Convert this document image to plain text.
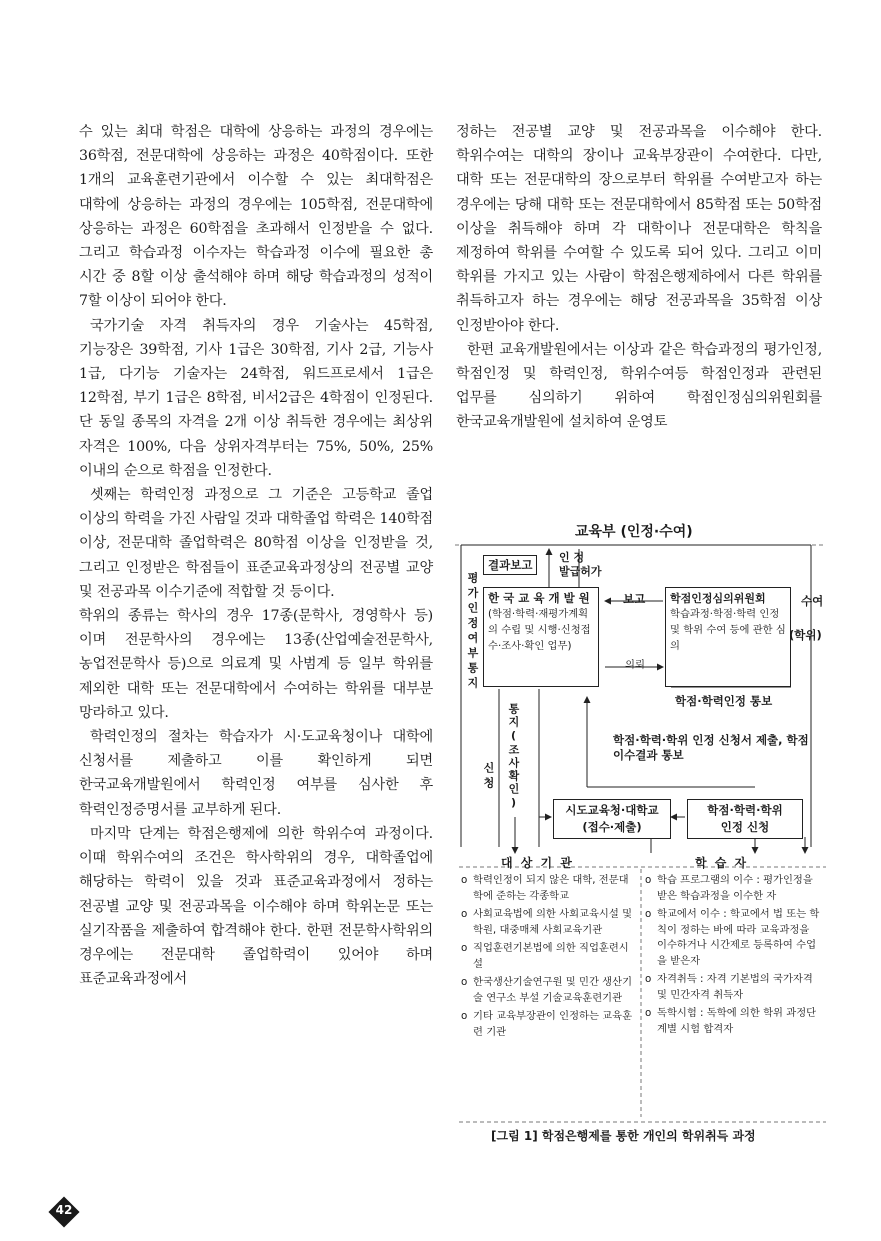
수 있는 최대 학점은 대학에 상응하는 과정의 경우에는 36학점, 전문대학에 상응하는 과정은 40학점이다. 또한 1개의 교육훈련기관에서 이수할 수 있는 최대학점은 대학에 상응하는 과정의 경우에는 105학점, 전문대학에 상응하는 과정은 60학점을 초과해서 인정받을 수 없다. 그리고 학습과정 이수자는 학습과정 이수에 필요한 총 시간 중 8할 이상 출석해야 하며 해당 학습과정의 성적이 7할 이상이 되어야 한다.

국가기술 자격 취득자의 경우 기술사는 45학점, 기능장은 39학점, 기사 1급은 30학점, 기사 2급, 기능사 1급, 다기능 기술자는 24학점, 워드프로세서 1급은 12학점, 부기 1급은 8학점, 비서2급은 4학점이 인정된다. 단 동일 종목의 자격을 2개 이상 취득한 경우에는 최상위 자격은 100%, 다음 상위자격부터는 75%, 50%, 25% 이내의 순으로 학점을 인정한다.

셋째는 학력인정 과정으로 그 기준은 고등학교 졸업 이상의 학력을 가진 사람일 것과 대학졸업 학력은 140학점 이상, 전문대학 졸업학력은 80학점 이상을 인정받을 것, 그리고 인정받은 학점들이 표준교육과정상의 전공별 교양 및 전공과목 이수기준에 적합할 것 등이다.

학위의 종류는 학사의 경우 17종(문학사, 경영학사 등)이며 전문학사의 경우에는 13종(산업예술전문학사, 농업전문학사 등)으로 의료계 및 사범계 등 일부 학위를 제외한 대학 또는 전문대학에서 수여하는 학위를 대부분 망라하고 있다.

학력인정의 절차는 학습자가 시·도교육청이나 대학에 신청서를 제출하고 이를 확인하게 되면 한국교육개발원에서 학력인정 여부를 심사한 후 학력인정증명서를 교부하게 된다.

마지막 단계는 학점은행제에 의한 학위수여 과정이다. 이때 학위수여의 조건은 학사학위의 경우, 대학졸업에 해당하는 학력이 있을 것과 표준교육과정에서 정하는 전공별 교양 및 전공과목을 이수해야 하며 학위논문 또는 실기작품을 제출하여 합격해야 한다. 한편 전문학사학위의 경우에는 전문대학 졸업학력이 있어야 하며 표준교육과정에서

정하는 전공별 교양 및 전공과목을 이수해야 한다. 학위수여는 대학의 장이나 교육부장관이 수여한다. 다만, 대학 또는 전문대학의 장으로부터 학위를 수여받고자 하는 경우에는 당해 대학 또는 전문대학에서 85학점 또는 50학점 이상을 취득해야 하며 각 대학이나 전문대학은 학칙을 제정하여 학위를 수여할 수 있도록 되어 있다. 그리고 이미 학위를 가지고 있는 사람이 학점은행제하에서 다른 학위를 취득하고자 하는 경우에는 해당 전공과목을 35학점 이상 인정받아야 한다.

한편 교육개발원에서는 이상과 같은 학습과정의 평가인정, 학점인정 및 학력인정, 학위수여등 학점인정과 관련된 업무를 심의하기 위하여 학점인정심의위원회를 한국교육개발원에 설치하여 운영토

교육부 (인정·수여)
평가인정여부통지
신청
결과보고
인 정
발급허가
한 국 교 육 개 발 원
(학점·학력·재평가계획의 수립 및 시행·신청접수·조사·확인 업무)
보고
의뢰
학점인정심의위원회
학습과정·학점·학력 인정 및 학위 수여 등에 관한 심의
수여
(학위)
학점·학력인정 통보
통지(조사확인)	학점·학력·학위 인정 신청서 제출, 학점 이수결과 통보
시도교육청·대학교
(접수·제출)
학점·학력·학위
인정 신청
대 상 기 관	학 습 자
o 학력인정이 되지 않은 대학, 전문대학에 준하는 각종학교
o 사회교육법에 의한 사회교육시설 및 학원, 대중매체 사회교육기관
o 직업훈련기본법에 의한 직업훈련시설
o 한국생산기술연구원 및 민간 생산기술 연구소 부설 기술교육훈련기관
o 기타 교육부장관이 인정하는 교육훈련 기관
o 학습 프로그램의 이수 : 평가인정을 받은 학습과정을 이수한 자
o 학교에서 이수 : 학교에서 법 또는 학칙이 정하는 바에 따라 교육과정을 이수하거나 시간제로 등록하여 수업을 받은자
o 자격취득 : 자격 기본법의 국가자격 및 민간자격 취득자
o 독학시험 : 독학에 의한 학위 과정단계별 시험 합격자
[그림 1] 학점은행제를 통한 개인의 학위취득 과정
42
